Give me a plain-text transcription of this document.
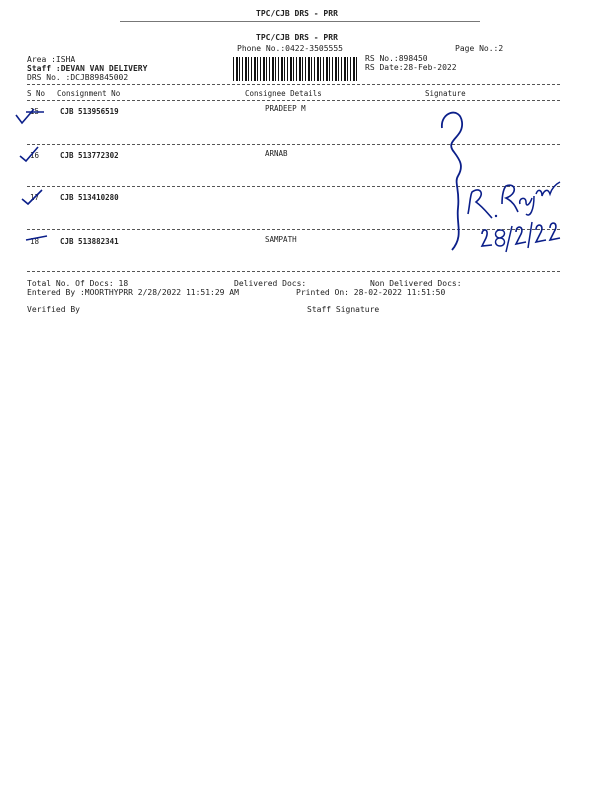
TPC/CJB DRS - PRR
TPC/CJB DRS - PRR
Phone No.:0422-3505555	Page No.:2
RS No.:898450
RS Date:28-Feb-2022
Area :ISHA
Staff :DEVAN VAN DELIVERY
DRS No. :DCJB89845002
S No Consignment No	Consignee Details	Signature
15	CJB 513956519	PRADEEP M
16	CJB 513772302	ARNAB
17	CJB 513410280
18	CJB 513882341	SAMPATH
Total No. Of Docs: 18	Delivered Docs:	Non Delivered Docs:
Entered By :MOORTHYPRR 2/28/2022 11:51:29 AM	Printed On: 28-02-2022 11:51:50
Verified By	Staff Signature
